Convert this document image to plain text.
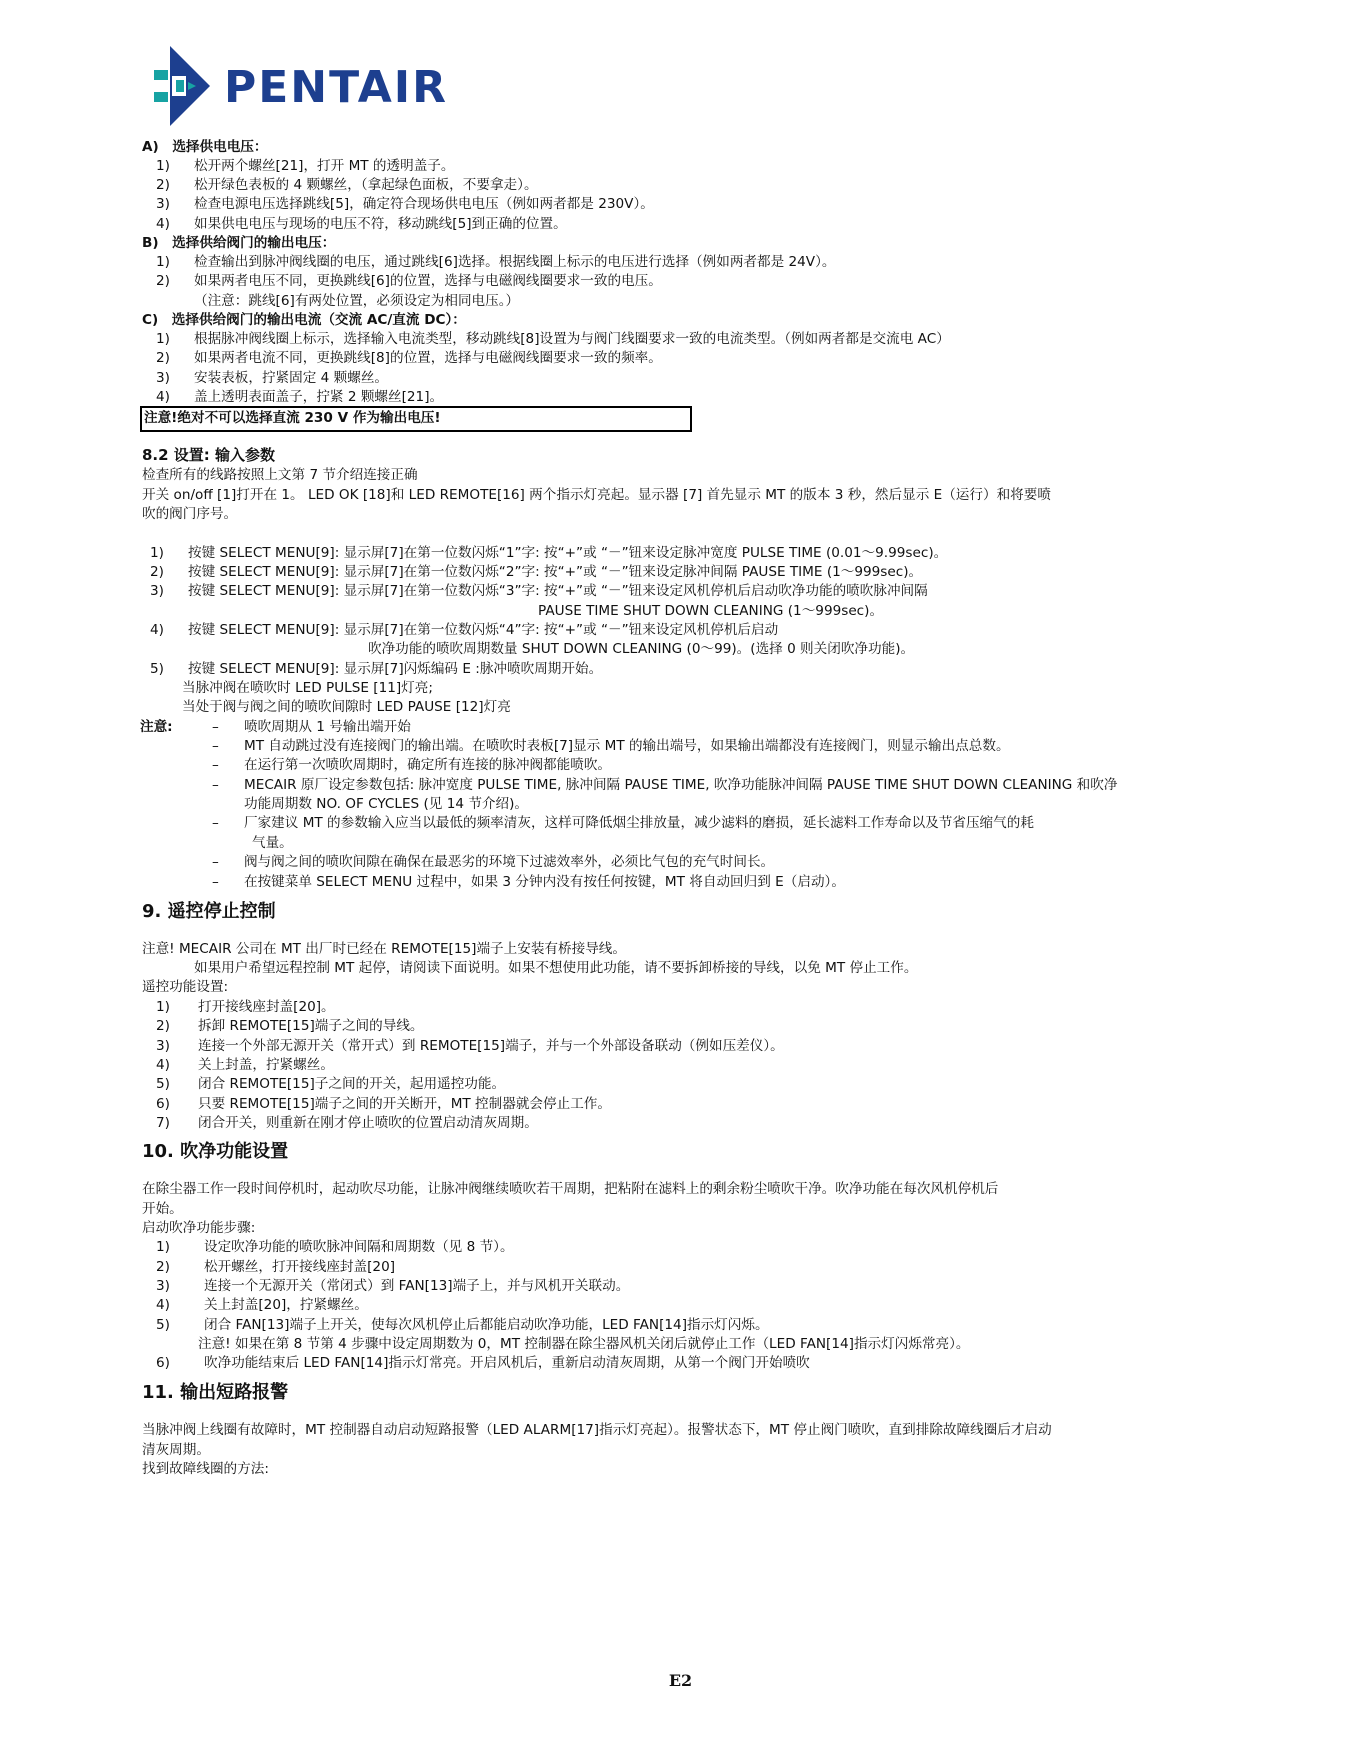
PENTAIR
A)　选择供电电压：
1) 松开两个螺丝[21]，打开 MT 的透明盖子。
2) 松开绿色表板的 4 颗螺丝，（拿起绿色面板，不要拿走）。
3) 检查电源电压选择跳线[5]，确定符合现场供电电压（例如两者都是 230V）。
4) 如果供电电压与现场的电压不符，移动跳线[5]到正确的位置。
B)　选择供给阀门的输出电压：
1) 检查输出到脉冲阀线圈的电压，通过跳线[6]选择。根据线圈上标示的电压进行选择（例如两者都是 24V）。
2) 如果两者电压不同，更换跳线[6]的位置，选择与电磁阀线圈要求一致的电压。
（注意：跳线[6]有两处位置，必须设定为相同电压。）
C)　选择供给阀门的输出电流（交流 AC/直流 DC）：
1) 根据脉冲阀线圈上标示，选择输入电流类型，移动跳线[8]设置为与阀门线圈要求一致的电流类型。（例如两者都是交流电 AC）
2) 如果两者电流不同，更换跳线[8]的位置，选择与电磁阀线圈要求一致的频率。
3) 安装表板，拧紧固定 4 颗螺丝。
4) 盖上透明表面盖子，拧紧 2 颗螺丝[21]。
注意!绝对不可以选择直流 230 V 作为输出电压!
8.2 设置: 输入参数
检查所有的线路按照上文第 7 节介绍连接正确
开关 on/off [1]打开在 1。 LED OK [18]和 LED REMOTE[16] 两个指示灯亮起。显示器 [7] 首先显示 MT 的版本 3 秒，然后显示 E（运行）和将要喷
吹的阀门序号。
1) 按键 SELECT MENU[9]: 显示屏[7]在第一位数闪烁“1”字: 按“+”或 “－”钮来设定脉冲宽度 PULSE TIME (0.01～9.99sec)。
2) 按键 SELECT MENU[9]: 显示屏[7]在第一位数闪烁“2”字: 按“+”或 “－”钮来设定脉冲间隔 PAUSE TIME (1～999sec)。
3) 按键 SELECT MENU[9]: 显示屏[7]在第一位数闪烁“3”字: 按“+”或 “－”钮来设定风机停机后启动吹净功能的喷吹脉冲间隔
PAUSE TIME SHUT DOWN CLEANING (1～999sec)。
4) 按键 SELECT MENU[9]: 显示屏[7]在第一位数闪烁“4”字: 按“+”或 “－”钮来设定风机停机后启动
吹净功能的喷吹周期数量 SHUT DOWN CLEANING (0～99)。(选择 0 则关闭吹净功能)。
5) 按键 SELECT MENU[9]: 显示屏[7]闪烁编码 E :脉冲喷吹周期开始。
当脉冲阀在喷吹时 LED PULSE [11]灯亮;
当处于阀与阀之间的喷吹间隙时 LED PAUSE [12]灯亮
注意:	– 喷吹周期从 1 号输出端开始
– MT 自动跳过没有连接阀门的输出端。在喷吹时表板[7]显示 MT 的输出端号，如果输出端都没有连接阀门，则显示输出点总数。
– 在运行第一次喷吹周期时，确定所有连接的脉冲阀都能喷吹。
– MECAIR 原厂设定参数包括: 脉冲宽度 PULSE TIME, 脉冲间隔 PAUSE TIME, 吹净功能脉冲间隔 PAUSE TIME SHUT DOWN CLEANING 和吹净
功能周期数 NO. OF CYCLES (见 14 节介绍)。
– 厂家建议 MT 的参数输入应当以最低的频率清灰，这样可降低烟尘排放量，减少滤料的磨损，延长滤料工作寿命以及节省压缩气的耗
气量。
– 阀与阀之间的喷吹间隙在确保在最恶劣的环境下过滤效率外，必须比气包的充气时间长。
– 在按键菜单 SELECT MENU 过程中，如果 3 分钟内没有按任何按键，MT 将自动回归到 E（启动）。
9. 遥控停止控制
注意! MECAIR 公司在 MT 出厂时已经在 REMOTE[15]端子上安装有桥接导线。
如果用户希望远程控制 MT 起停，请阅读下面说明。如果不想使用此功能，请不要拆卸桥接的导线，以免 MT 停止工作。
遥控功能设置:
1) 打开接线座封盖[20]。
2) 拆卸 REMOTE[15]端子之间的导线。
3) 连接一个外部无源开关（常开式）到 REMOTE[15]端子，并与一个外部设备联动（例如压差仪）。
4) 关上封盖，拧紧螺丝。
5) 闭合 REMOTE[15]子之间的开关，起用遥控功能。
6) 只要 REMOTE[15]端子之间的开关断开，MT 控制器就会停止工作。
7) 闭合开关，则重新在刚才停止喷吹的位置启动清灰周期。
10. 吹净功能设置
在除尘器工作一段时间停机时，起动吹尽功能，让脉冲阀继续喷吹若干周期，把粘附在滤料上的剩余粉尘喷吹干净。吹净功能在每次风机停机后
开始。
启动吹净功能步骤:
1)	设定吹净功能的喷吹脉冲间隔和周期数（见 8 节）。
2)	松开螺丝，打开接线座封盖[20]
3)	连接一个无源开关（常闭式）到 FAN[13]端子上，并与风机开关联动。
4)	关上封盖[20]，拧紧螺丝。
5)	闭合 FAN[13]端子上开关，使每次风机停止后都能启动吹净功能，LED FAN[14]指示灯闪烁。
注意! 如果在第 8 节第 4 步骤中设定周期数为 0，MT 控制器在除尘器风机关闭后就停止工作（LED FAN[14]指示灯闪烁常亮）。
6)	吹净功能结束后 LED FAN[14]指示灯常亮。开启风机后，重新启动清灰周期，从第一个阀门开始喷吹
11. 输出短路报警
当脉冲阀上线圈有故障时，MT 控制器自动启动短路报警（LED ALARM[17]指示灯亮起）。报警状态下，MT 停止阀门喷吹，直到排除故障线圈后才启动
清灰周期。
找到故障线圈的方法:
E2
